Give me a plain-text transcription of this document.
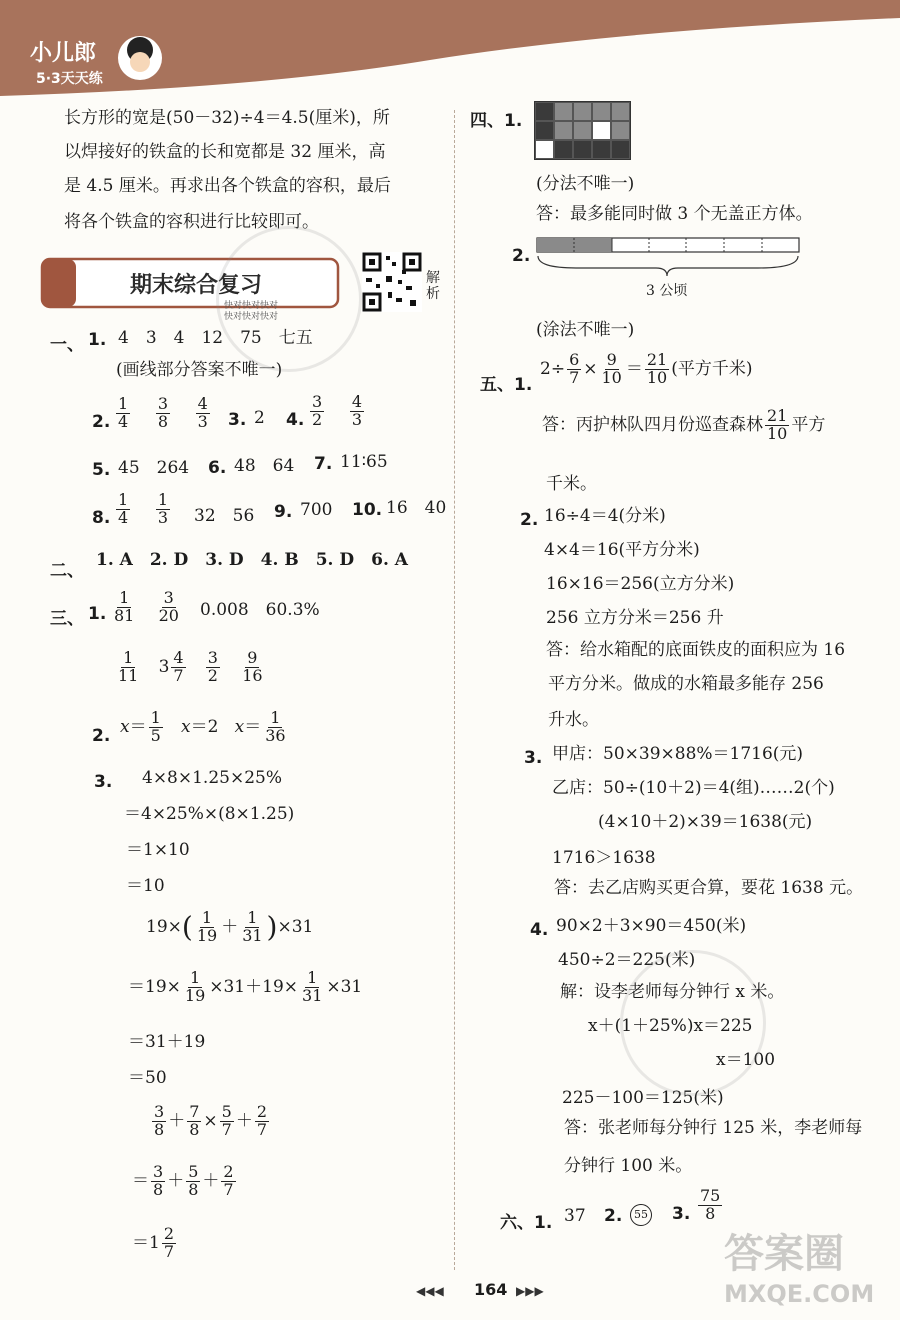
小儿郎
5·3天天练
长方形的宽是(50－32)÷4＝4.5(厘米)，所
以焊接好的铁盒的长和宽都是 32 厘米，高
是 4.5 厘米。再求出各个铁盒的容积，最后
将各个铁盒的容积进行比较即可。
期末综合复习
快对快对快对
快对快对快对
解析
一、 1. 4　3　4　12　75　七五
(画线部分答案不唯一)
2. $\frac{1}{4}$
$\frac{3}{8}$
$\frac{4}{3} 3$. 2 4. $\frac{3}{2}$
$\frac{4}{3}$
5. 45　264 6. 48　64 7. 11∶65
8. $\frac{1}{4}$
$\frac{1}{3} 32$　56 9. 700 10. 16　40
二、
1. A　2. D　3. D　4. B　5. D　6. A
三、 1. $\frac{1}{81}$
$\frac{3}{20} 0.008$　60.3%
$\frac{1}{11} 3 \frac{4}{7}$
$\frac{3}{2}$
$\frac{9}{16}$
2. $x= \frac{1}{5} x=2$   $x= \frac{1}{36}$
3. 4×8×1.25×25%
＝4×25%×(8×1.25)
＝1×10
＝10
$19\times( \frac{1}{19} + \frac{1}{31} )\times 31$
$=19\times \frac{1}{19} \times 31+19\times \frac{1}{31} \times 31$
＝31＋19
＝50
$\frac{3}{8} + \frac{7}{8} \times \frac{5}{7} + \frac{2}{7}$
＝ $\frac{3}{8} + \frac{5}{8} + \frac{2}{7}$
$=1 \frac{2}{7}$
四、1.
(分法不唯一)
答：最多能同时做 3 个无盖正方体。
2.
3 公顷
(涂法不唯一)
五、1.
$2\div \frac{6}{7} \times \frac{9}{10} = \frac{21}{10}$ (平方千米)
答：丙护林队四月份巡查森林 $\frac{21}{10}$ 平方
千米。
2. 16÷4＝4(分米)
4×4＝16(平方分米)
16×16＝256(立方分米)
256 立方分米＝256 升
答：给水箱配的底面铁皮的面积应为 16
平方分米。做成的水箱最多能存 256
升水。
3. 甲店：50×39×88%＝1716(元)
乙店：50÷(10＋2)＝4(组)……2(个)
(4×10＋2)×39＝1638(元)
1716＞1638
答：去乙店购买更合算，要花 1638 元。
4. 90×2＋3×90＝450(米)
450÷2＝225(米)
解：设李老师每分钟行 x 米。
x＋(1＋25%)x＝225
x＝100
225－100＝125(米)
答：张老师每分钟行 125 米，李老师每
分钟行 100 米。
六、1. 37 2.	55 3. $\frac{75}{8}$
◀◀◀ 164 ▶▶▶
答案圈
MXQE.COM
